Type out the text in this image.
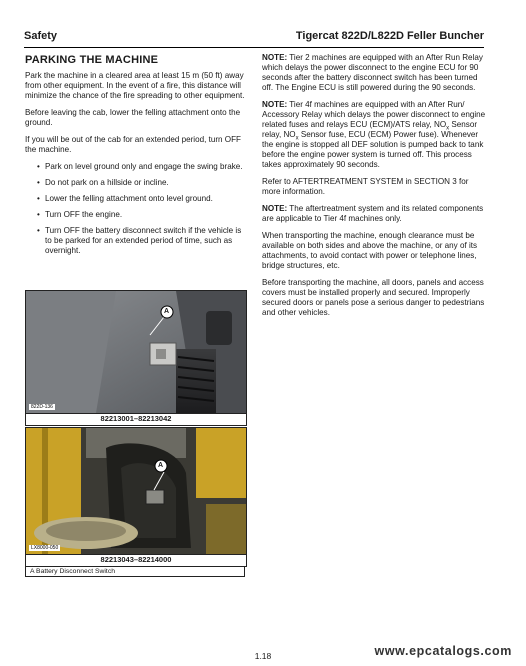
Safety	Tigercat 822D/L822D Feller Buncher
PARKING THE MACHINE

Park the machine in a cleared area at least 15 m (50 ft) away from other equipment. In the event of a fire, this distance will minimize the chance of the fire spreading to other equipment.

Before leaving the cab, lower the felling attachment onto the ground.

If you will be out of the cab for an extended period, turn OFF the machine.

• Park on level ground only and engage the swing brake.
• Do not park on a hillside or incline.
• Lower the felling attachment onto level ground.
• Turn OFF the engine.
• Turn OFF the battery disconnect switch if the vehicle is to be parked for an extended period of time, such as overnight.
A
822D-136
82213001–82213042
A
LX8000-050
82213043–82214000
A Battery Disconnect Switch

NOTE: Tier 2 machines are equipped with an After Run Relay which delays the power disconnect to the engine ECU for 90 seconds after the battery disconnect switch has been turned off. The Engine ECU is still powered during the 90 seconds.

NOTE: Tier 4f machines are equipped with an After Run/ Accessory Relay which delays the power disconnect to engine related fuses and relays ECU (ECM)/ATS relay, $NO_x$ Sensor relay, $NO_x$ Sensor fuse, ECU (ECM) Power fuse). Whenever the engine is stopped all DEF solution is pumped back to tank before the engine power system is turned off. This process takes approximately 90 seconds.

Refer to AFTERTREATMENT SYSTEM in SECTION 3 for more information.

NOTE: The aftertreatment system and its related components are applicable to Tier 4f machines only.

When transporting the machine, enough clearance must be available on both sides and above the machine, or any of its attachments, to avoid contact with power or telephone lines, bridge structures, etc.

Before transporting the machine, all doors, panels and access covers must be installed properly and secured. Improperly secured doors or panels pose a serious danger to pedestrians and other vehicles.

1.18	www.epcatalogs.com
